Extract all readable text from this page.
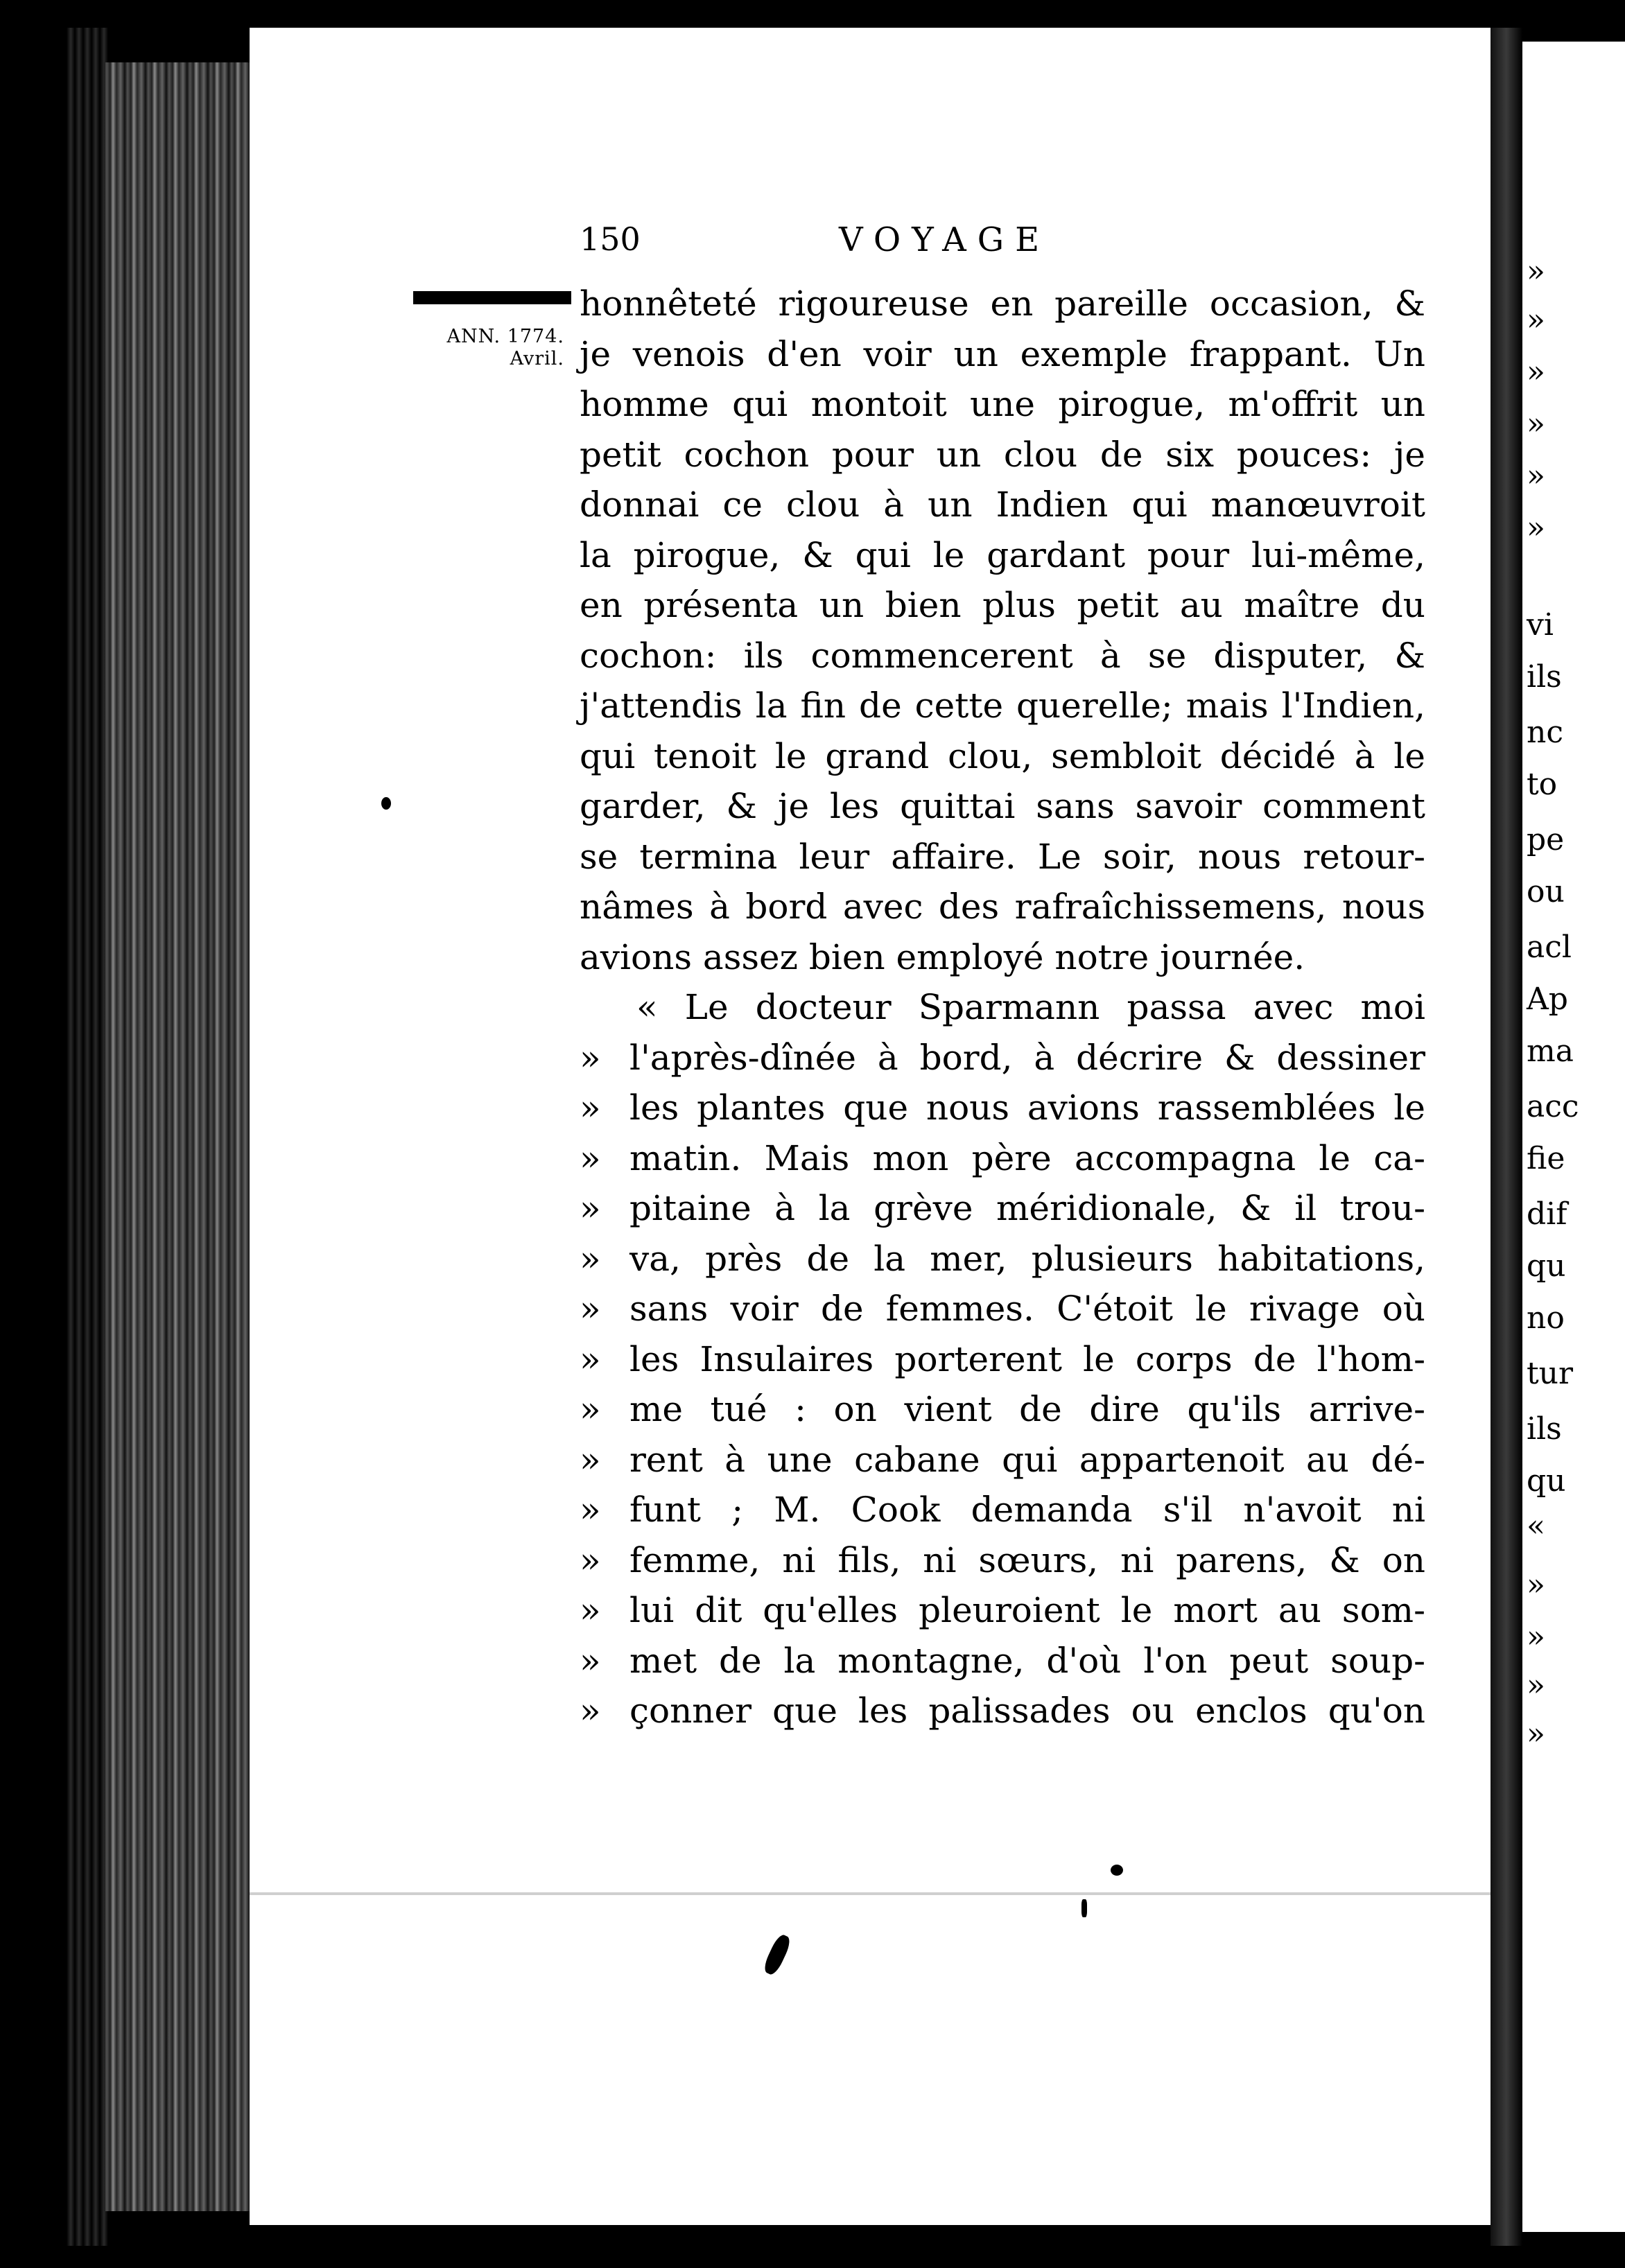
»
»
»
»
»
»
vi
ils
nc
to
pe
ou
acl
Ap
ma
acc
fie
dif
qu
no
tur
ils
qu
«
»
»
»
»
150	VOYAGE
ANN. 1774.
Avril.
honnêteté rigoureuse en pareille occasion, &
je venois d'en voir un exemple frappant. Un
homme qui montoit une pirogue, m'offrit un
petit cochon pour un clou de six pouces: je
donnai ce clou à un Indien qui manœuvroit
la pirogue, & qui le gardant pour lui-même,
en présenta un bien plus petit au maître du
cochon: ils commencerent à se disputer, &
j'attendis la fin de cette querelle; mais l'Indien,
qui tenoit le grand clou, sembloit décidé à le
garder, & je les quittai sans savoir comment
se termina leur affaire. Le soir, nous retour-
nâmes à bord avec des rafraîchissemens, nous
avions assez bien employé notre journée.
« Le docteur Sparmann passa avec moi
» l'après-dînée à bord, à décrire & dessiner
» les plantes que nous avions rassemblées le
» matin. Mais mon père accompagna le ca-
» pitaine à la grève méridionale, & il trou-
» va, près de la mer, plusieurs habitations,
» sans voir de femmes. C'étoit le rivage où
» les Insulaires porterent le corps de l'hom-
» me tué : on vient de dire qu'ils arrive-
» rent à une cabane qui appartenoit au dé-
» funt ; M. Cook demanda s'il n'avoit ni
» femme, ni fils, ni sœurs, ni parens, & on
» lui dit qu'elles pleuroient le mort au som-
» met de la montagne, d'où l'on peut soup-
» çonner que les palissades ou enclos qu'on
